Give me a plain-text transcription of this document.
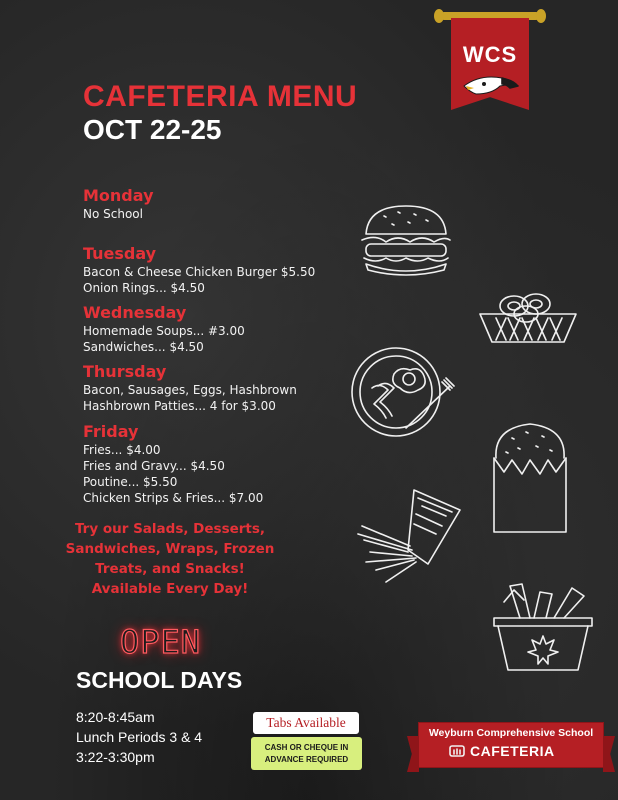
WCS
CAFETERIA MENU
OCT 22-25
Monday
No School
Tuesday
Bacon & Cheese Chicken Burger $5.50
Onion Rings... $4.50
Wednesday
Homemade Soups... #3.00
Sandwiches... $4.50
Thursday
Bacon, Sausages, Eggs, Hashbrown
Hashbrown Patties... 4 for $3.00
Friday
Fries... $4.00
Fries and Gravy... $4.50
Poutine... $5.50
Chicken Strips & Fries... $7.00
Try our Salads, Desserts,
Sandwiches, Wraps, Frozen
Treats, and Snacks!
Available Every Day!
OPEN
SCHOOL DAYS
8:20-8:45am
Lunch Periods 3 & 4
3:22-3:30pm
Tabs Available
CASH OR CHEQUE IN
ADVANCE REQUIRED
Weyburn Comprehensive School
CAFETERIA
